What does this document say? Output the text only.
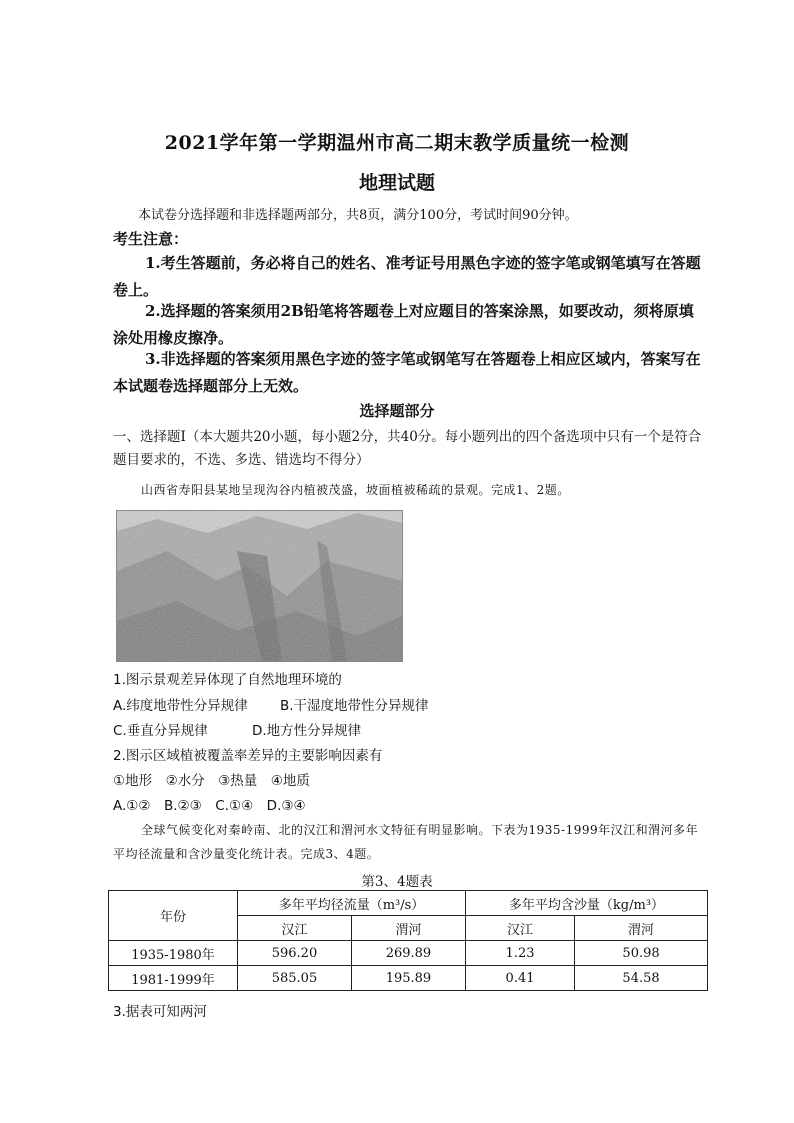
2021学年第一学期温州市高二期末教学质量统一检测
地理试题
本试卷分选择题和非选择题两部分，共8页，满分100分，考试时间90分钟。
考生注意：
1.考生答题前，务必将自己的姓名、准考证号用黑色字迹的签字笔或钢笔填写在答题卷上。
2.选择题的答案须用2B铅笔将答题卷上对应题目的答案涂黑，如要改动，须将原填涂处用橡皮擦净。
3.非选择题的答案须用黑色字迹的签字笔或钢笔写在答题卷上相应区域内，答案写在本试题卷选择题部分上无效。
选择题部分
一、选择题Ⅰ（本大题共20小题，每小题2分，共40分。每小题列出的四个备选项中只有一个是符合题目要求的，不选、多选、错选均不得分）
山西省寿阳县某地呈现沟谷内植被茂盛，坡面植被稀疏的景观。完成1、2题。
1.图示景观差异体现了自然地理环境的
A.纬度地带性分异规律 B.干湿度地带性分异规律
C.垂直分异规律	D.地方性分异规律
2.图示区域植被覆盖率差异的主要影响因素有
①地形　②水分　③热量　④地质
A.①②　B.②③　C.①④　D.③④
全球气候变化对秦岭南、北的汉江和渭河水文特征有明显影响。下表为1935-1999年汉江和渭河多年平均径流量和含沙量变化统计表。完成3、4题。
第3、4题表
年份	多年平均径流量（m³/s）		多年平均含沙量（kg/m³）	
	汉江	渭河	汉江	渭河
1935-1980年	596.20	269.89	1.23	50.98
1981-1999年	585.05	195.89	0.41	54.58
3.据表可知两河
